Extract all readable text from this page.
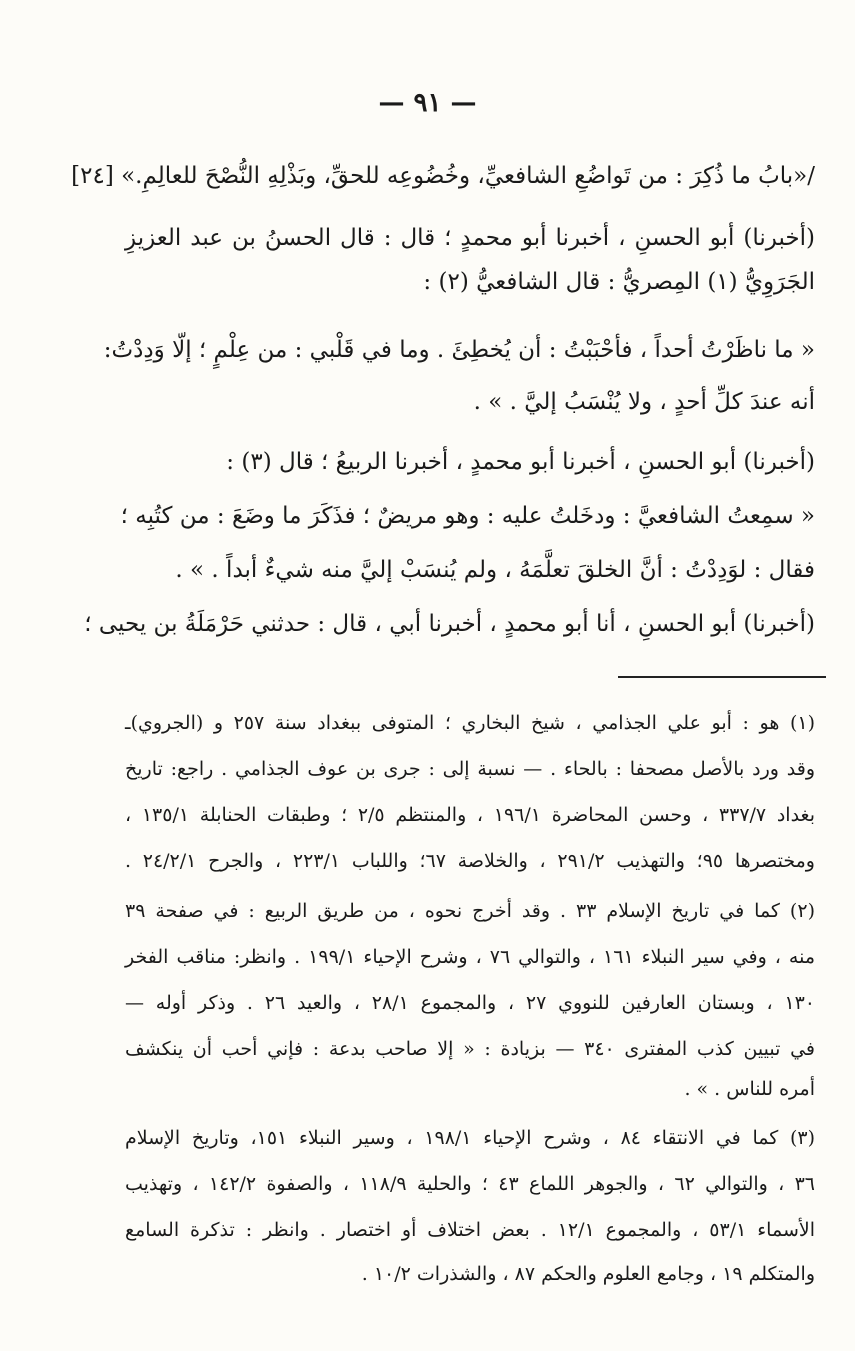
— ٩١ —
/«بابُ ما ذُكِرَ : من تَواضُعِ الشافعيِّ، وخُضُوعِه للحقِّ، وبَذْلِهِ النُّصْحَ للعالِمِ.» [٢٤]
(أخبرنا) أبو الحسنِ ، أخبرنا أبو محمدٍ ؛ قال : قال الحسنُ بن عبد العزيزِ
الجَرَوِيُّ (١) المِصريُّ : قال الشافعيُّ (٢) :
« ما ناظَرْتُ أحداً ، فأحْبَبْتُ : أن يُخطِئَ . وما في قَلْبي : من عِلْمٍ ؛ إلّا وَدِدْتُ:
أنه عندَ كلِّ أحدٍ ، ولا يُنْسَبُ إليَّ . » .
(أخبرنا) أبو الحسنِ ، أخبرنا أبو محمدٍ ، أخبرنا الربيعُ ؛ قال (٣) :
« سمِعتُ الشافعيَّ : ودخَلتُ عليه : وهو مريضٌ ؛ فذَكَرَ ما وضَعَ : من كتُبِه ؛
فقال : لوَدِدْتُ : أنَّ الخلقَ تعلَّمَهُ ، ولم يُنسَبْ إليَّ منه شيءٌ أبداً . » .
(أخبرنا) أبو الحسنِ ، أنا أبو محمدٍ ، أخبرنا أبي ، قال : حدثني حَرْمَلَةُ بن يحيى ؛
(١) هو : أبو علي الجذامي ، شيخ البخاري ؛ المتوفى ببغداد سنة ٢٥٧ و (الجروي)ـ
وقد ورد بالأصل مصحفا : بالحاء . — نسبة إلى : جرى بن عوف الجذامي . راجع: تاريخ
بغداد ٣٣٧/٧ ، وحسن المحاضرة ١٩٦/١ ، والمنتظم ٢/٥ ؛ وطبقات الحنابلة ١٣٥/١ ،
ومختصرها ٩٥؛ والتهذيب ٢٩١/٢ ، والخلاصة ٦٧؛ واللباب ٢٢٣/١ ، والجرح ٢٤/٢/١ .
(٢) كما في تاريخ الإسلام ٣٣ . وقد أخرج نحوه ، من طريق الربيع : في صفحة ٣٩
منه ، وفي سير النبلاء ١٦١ ، والتوالي ٧٦ ، وشرح الإحياء ١٩٩/١ . وانظر: مناقب الفخر
١٣٠ ، وبستان العارفين للنووي ٢٧ ، والمجموع ٢٨/١ ، والعيد ٢٦ . وذكر أوله —
في تبيين كذب المفترى ٣٤٠ — بزيادة : « إلا صاحب بدعة : فإني أحب أن ينكشف
أمره للناس . » .
(٣) كما في الانتقاء ٨٤ ، وشرح الإحياء ١٩٨/١ ، وسير النبلاء ١٥١، وتاريخ الإسلام
٣٦ ، والتوالي ٦٢ ، والجوهر اللماع ٤٣ ؛ والحلية ١١٨/٩ ، والصفوة ١٤٢/٢ ، وتهذيب
الأسماء ٥٣/١ ، والمجموع ١٢/١ . بعض اختلاف أو اختصار . وانظر : تذكرة السامع
والمتكلم ١٩ ، وجامع العلوم والحكم ٨٧ ، والشذرات ١٠/٢ .
